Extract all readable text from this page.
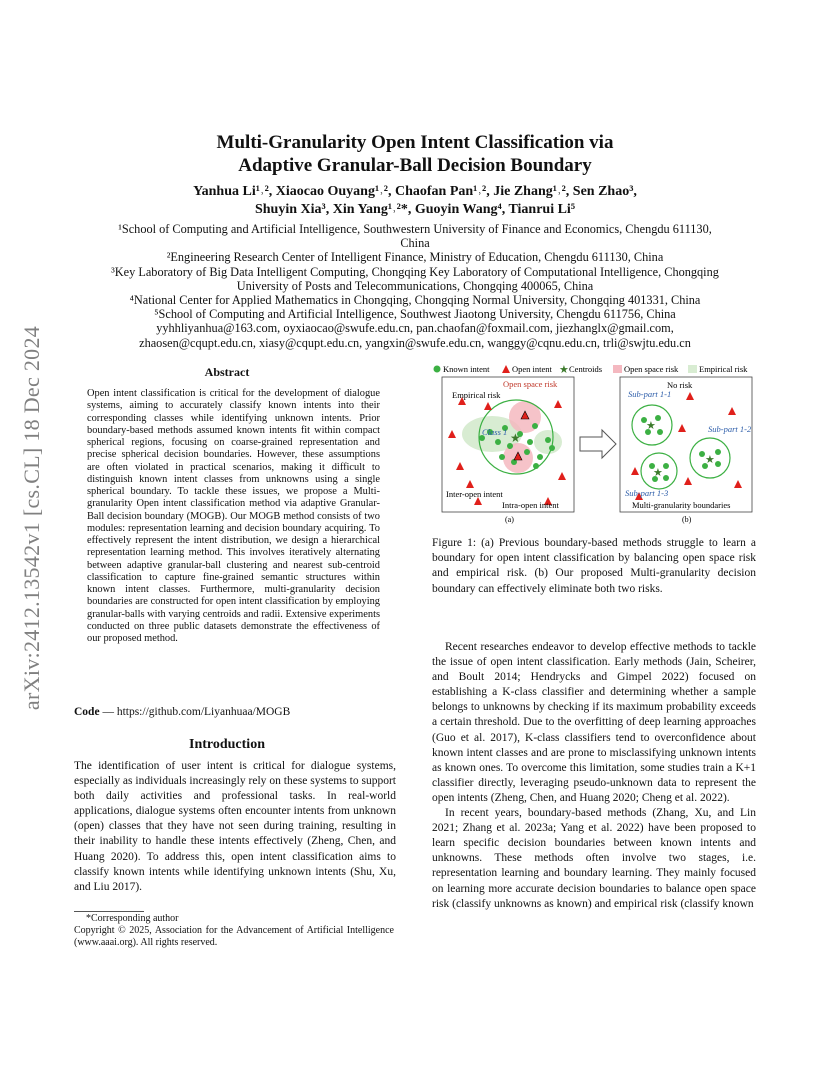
arXiv:2412.13542v1 [cs.CL] 18 Dec 2024
Multi-Granularity Open Intent Classification via
Adaptive Granular-Ball Decision Boundary
Yanhua Li¹˒², Xiaocao Ouyang¹˒², Chaofan Pan¹˒², Jie Zhang¹˒², Sen Zhao³,
Shuyin Xia³, Xin Yang¹˒²*, Guoyin Wang⁴, Tianrui Li⁵
¹School of Computing and Artificial Intelligence, Southwestern University of Finance and Economics, Chengdu 611130,
China
²Engineering Research Center of Intelligent Finance, Ministry of Education, Chengdu 611130, China
³Key Laboratory of Big Data Intelligent Computing, Chongqing Key Laboratory of Computational Intelligence, Chongqing
University of Posts and Telecommunications, Chongqing 400065, China
⁴National Center for Applied Mathematics in Chongqing, Chongqing Normal University, Chongqing 401331, China
⁵School of Computing and Artificial Intelligence, Southwest Jiaotong University, Chengdu 611756, China
yyhhliyanhua@163.com, oyxiaocao@swufe.edu.cn, pan.chaofan@foxmail.com, jiezhanglx@gmail.com,
zhaosen@cqupt.edu.cn, xiasy@cqupt.edu.cn, yangxin@swufe.edu.cn, wanggy@cqnu.edu.cn, trli@swjtu.edu.cn
Abstract

Open intent classification is critical for the development of dialogue systems, aiming to accurately classify known intents into their corresponding classes while identifying unknown intents. Prior boundary-based methods assumed known intents fit within compact spherical regions, focusing on coarse-grained representation and precise spherical decision boundaries. However, these assumptions are often violated in practical scenarios, making it difficult to distinguish known intent classes from unknowns using a single spherical boundary. To tackle these issues, we propose a Multi-granularity Open intent classification method via adaptive Granular-Ball decision boundary (MOGB). Our MOGB method consists of two modules: representation learning and decision boundary acquiring. To effectively represent the intent distribution, we design a hierarchical representation learning method. This involves iteratively alternating between adaptive granular-ball clustering and nearest sub-centroid classification to capture fine-grained semantic structures within known intent classes. Furthermore, multi-granularity decision boundaries are constructed for open intent classification by employing granular-balls with varying centroids and radii. Extensive experiments conducted on three public datasets demonstrate the effectiveness of our proposed method.

Code — https://github.com/Liyanhuaa/MOGB
Introduction

The identification of user intent is critical for dialogue systems, especially as individuals increasingly rely on these systems to support both daily activities and professional tasks. In real-world applications, dialogue systems often encounter intents from unknown (open) classes that they have not seen during training, resulting in their inability to handle these intents effectively (Zheng, Chen, and Huang 2020). To address this, open intent classification aims to classify known intents while identifying unknown intents (Shu, Xu, and Liu 2017).

*Corresponding author
Copyright © 2025, Association for the Advancement of Artificial Intelligence (www.aaai.org). All rights reserved.
Known intent	Open intent ★ Centroids	Open space risk Empirical risk
★
Open space risk
Empirical risk
Class 1
Inter-open intent
Intra-open intent
(a)
★
★
★
No risk
Sub-part 1-1
Sub-part 1-2
Sub-part 1-3
Multi-granularity boundaries
(b)

Figure 1: (a) Previous boundary-based methods struggle to learn a boundary for open intent classification by balancing open space risk and empirical risk. (b) Our proposed Multi-granularity decision boundary can effectively eliminate both two risks.

Recent researches endeavor to develop effective methods to tackle the issue of open intent classification. Early methods (Jain, Scheirer, and Boult 2014; Hendrycks and Gimpel 2022) focused on establishing a K-class classifier and determining whether a sample belongs to unknowns by checking if its maximum probability exceeds a certain threshold. Due to the overfitting of deep learning approaches (Guo et al. 2017), K-class classifiers tend to overconfidence about known intent classes and are prone to misclassifying unknown intents as known ones. To overcome this limitation, some studies train a K+1 classifier directly, leveraging pseudo-unknown data to represent the open intents (Zheng, Chen, and Huang 2020; Cheng et al. 2022).

In recent years, boundary-based methods (Zhang, Xu, and Lin 2021; Zhang et al. 2023a; Yang et al. 2022) have been proposed to learn specific decision boundaries between known intents and unknowns. These methods often involve two stages, i.e. representation learning and boundary learning. They mainly focused on learning more accurate decision boundaries to balance open space risk (classify unknowns as known) and empirical risk (classify known
